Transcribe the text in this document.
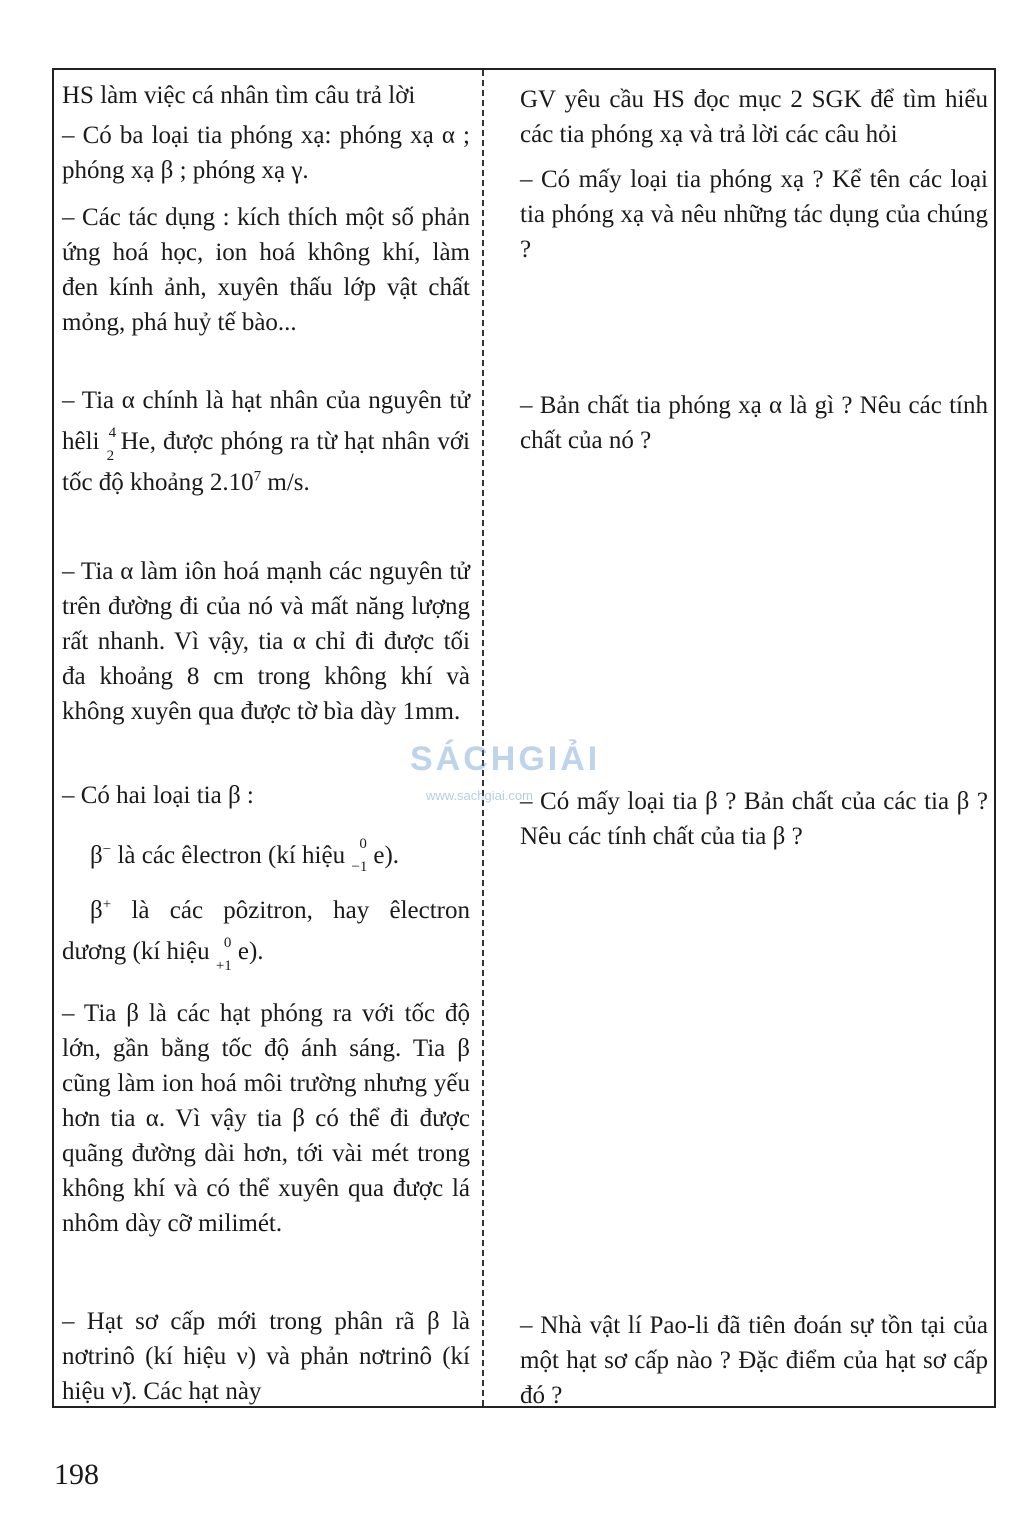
HS làm việc cá nhân tìm câu trả lời
– Có ba loại tia phóng xạ: phóng xạ α ; phóng xạ β ; phóng xạ γ.
– Các tác dụng : kích thích một số phản ứng hoá học, ion hoá không khí, làm đen kính ảnh, xuyên thấu lớp vật chất mỏng, phá huỷ tế bào...
– Tia α chính là hạt nhân của nguyên tử hêli 4
2
He, được phóng ra từ hạt nhân với tốc độ khoảng 2.10$^7$ m/s.
– Tia α làm iôn hoá mạnh các nguyên tử trên đường đi của nó và mất năng lượng rất nhanh. Vì vậy, tia α chỉ đi được tối đa khoảng 8 cm trong không khí và không xuyên qua được tờ bìa dày 1mm.
– Có hai loại tia β :
β− là các êlectron (kí hiệu 0
−1 e).
β+ là các pôzitron, hay êlectron dương (kí hiệu 0
+1
e).
– Tia β là các hạt phóng ra với tốc độ lớn, gần bằng tốc độ ánh sáng. Tia β cũng làm ion hoá môi trường nhưng yếu hơn tia α. Vì vậy tia β có thể đi được quãng đường dài hơn, tới vài mét trong không khí và có thể xuyên qua được lá nhôm dày cỡ milimét.
– Hạt sơ cấp mới trong phân rã β là nơtrinô (kí hiệu ν) và phản nơtrinô (kí hiệu ν̃). Các hạt này
GV yêu cầu HS đọc mục 2 SGK để tìm hiểu các tia phóng xạ và trả lời các câu hỏi
– Có mấy loại tia phóng xạ ? Kể tên các loại tia phóng xạ và nêu những tác dụng của chúng ?
– Bản chất tia phóng xạ α là gì ? Nêu các tính chất của nó ?
– Có mấy loại tia β ? Bản chất của các tia β ? Nêu các tính chất của tia β ?
– Nhà vật lí Pao-li đã tiên đoán sự tồn tại của một hạt sơ cấp nào ? Đặc điểm của hạt sơ cấp đó ?
SÁCHGIẢI
www.sachgiai.com
198
